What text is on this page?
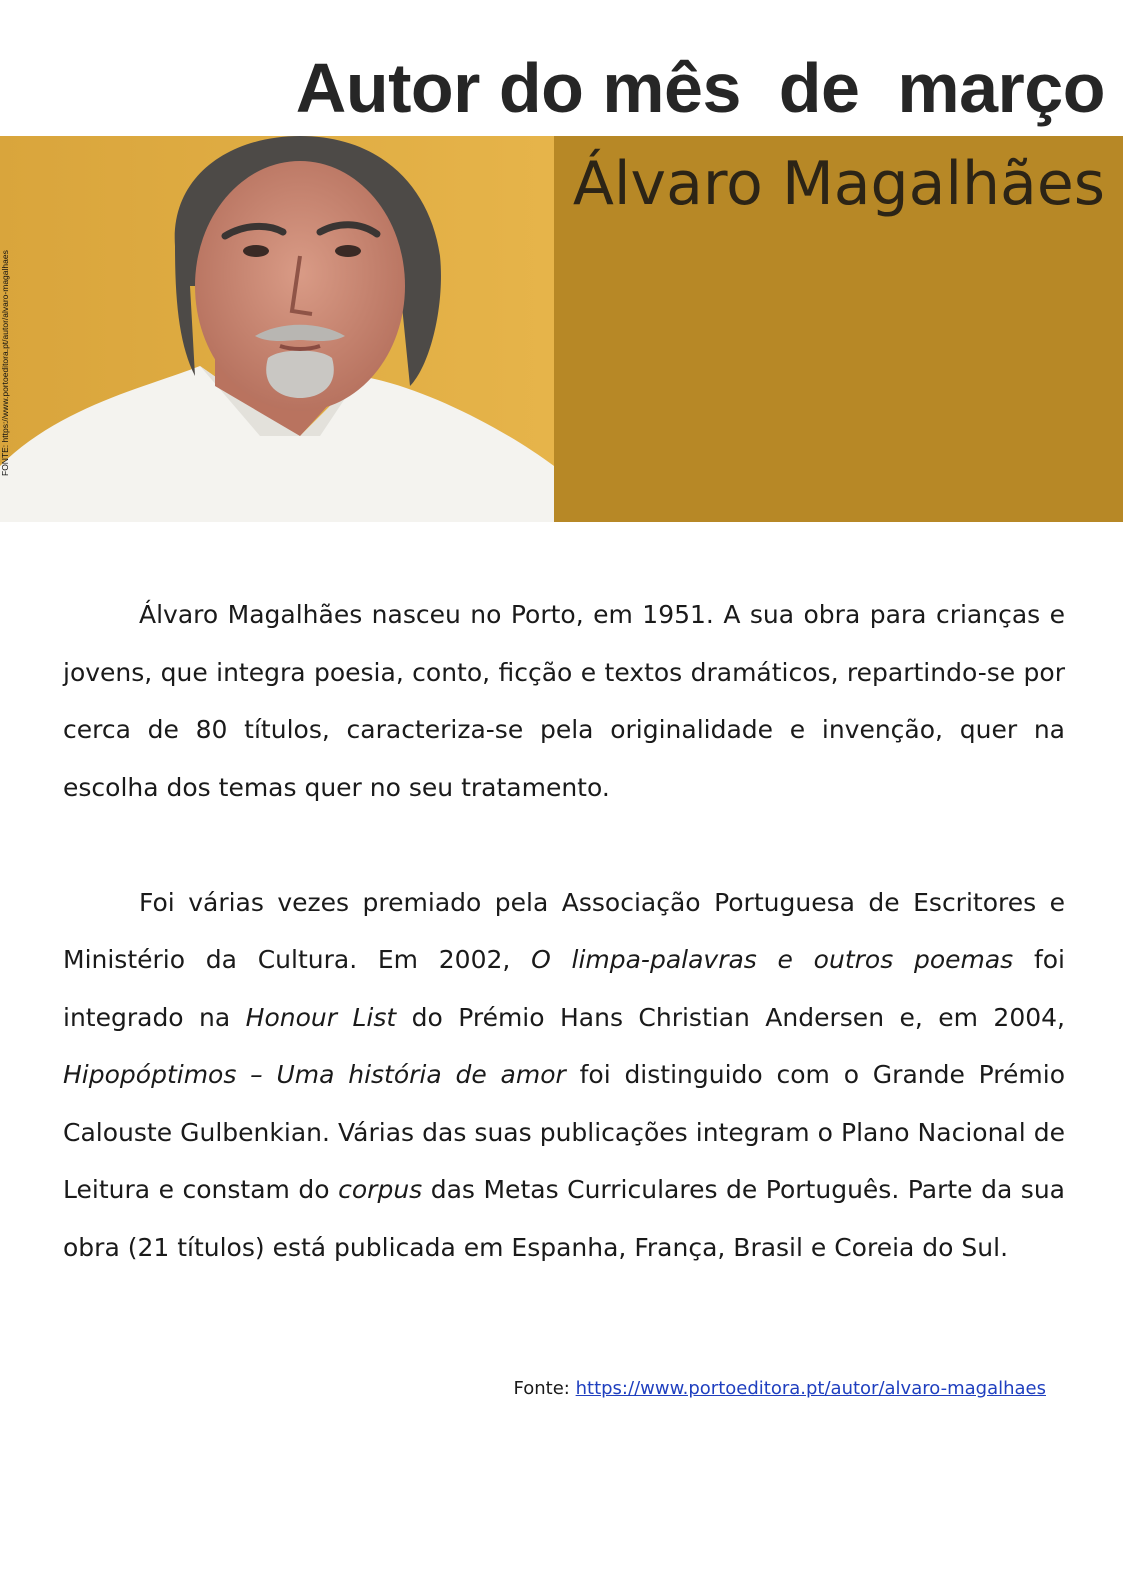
Autor do mês  de  março
Álvaro Magalhães
FONTE: https://www.portoeditora.pt/autor/alvaro-magalhaes

Álvaro Magalhães nasceu no Porto, em 1951. A sua obra para crianças e jovens, que integra poesia, conto, ficção e textos dramáticos, repartindo-se por cerca de 80 títulos, caracteriza-se pela originalidade e invenção, quer na escolha dos temas quer no seu tratamento.

Foi várias vezes premiado pela Associação Portuguesa de Escritores e Ministério da Cultura. Em 2002, O limpa-palavras e outros poemas foi integrado na Honour List do Prémio Hans Christian Andersen e, em 2004, Hipopóptimos – Uma história de amor foi distinguido com o Grande Prémio Calouste Gulbenkian. Várias das suas publicações integram o Plano Nacional de Leitura e constam do corpus das Metas Curriculares de Português. Parte da sua obra (21 títulos) está publicada em Espanha, França, Brasil e Coreia do Sul.

Fonte: https://www.portoeditora.pt/autor/alvaro-magalhaes
